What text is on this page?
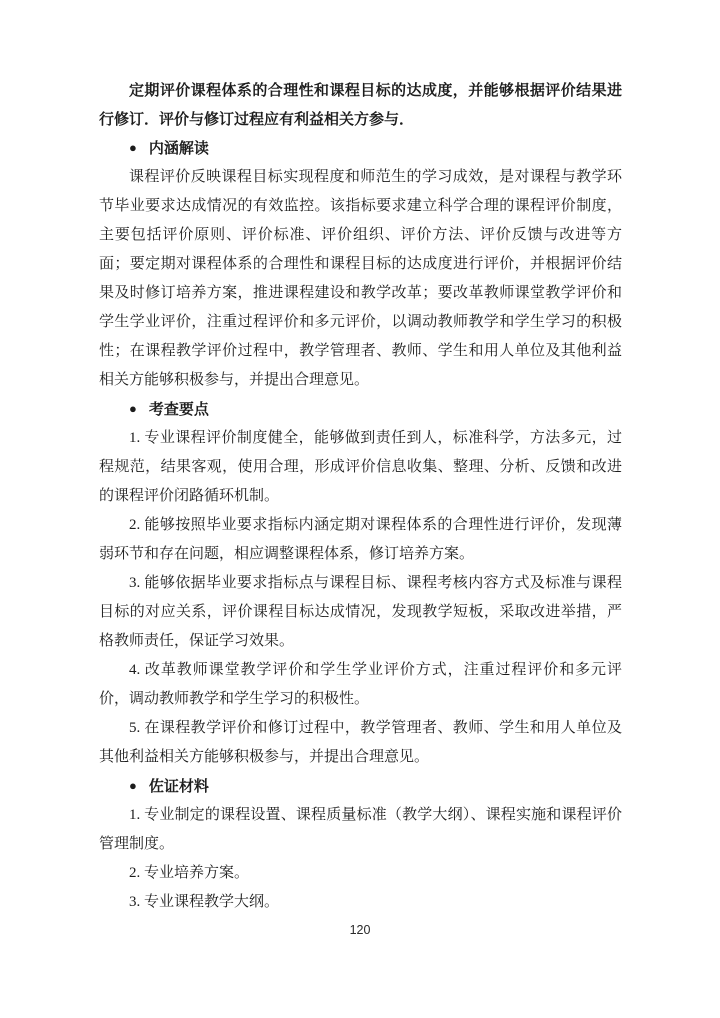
定期评价课程体系的合理性和课程目标的达成度，并能够根据评价结果进行修订．评价与修订过程应有利益相关方参与．

● 内涵解读

课程评价反映课程目标实现程度和师范生的学习成效，是对课程与教学环节毕业要求达成情况的有效监控。该指标要求建立科学合理的课程评价制度，主要包括评价原则、评价标准、评价组织、评价方法、评价反馈与改进等方面；要定期对课程体系的合理性和课程目标的达成度进行评价，并根据评价结果及时修订培养方案，推进课程建设和教学改革；要改革教师课堂教学评价和学生学业评价，注重过程评价和多元评价，以调动教师教学和学生学习的积极性；在课程教学评价过程中，教学管理者、教师、学生和用人单位及其他利益相关方能够积极参与，并提出合理意见。

● 考查要点

1. 专业课程评价制度健全，能够做到责任到人，标准科学，方法多元，过程规范，结果客观，使用合理，形成评价信息收集、整理、分析、反馈和改进的课程评价闭路循环机制。

2. 能够按照毕业要求指标内涵定期对课程体系的合理性进行评价，发现薄弱环节和存在问题，相应调整课程体系，修订培养方案。

3. 能够依据毕业要求指标点与课程目标、课程考核内容方式及标准与课程目标的对应关系，评价课程目标达成情况，发现教学短板，采取改进举措，严格教师责任，保证学习效果。

4. 改革教师课堂教学评价和学生学业评价方式，注重过程评价和多元评价，调动教师教学和学生学习的积极性。

5. 在课程教学评价和修订过程中，教学管理者、教师、学生和用人单位及其他利益相关方能够积极参与，并提出合理意见。

● 佐证材料

1. 专业制定的课程设置、课程质量标准（教学大纲）、课程实施和课程评价管理制度。

2. 专业培养方案。

3. 专业课程教学大纲。

120
